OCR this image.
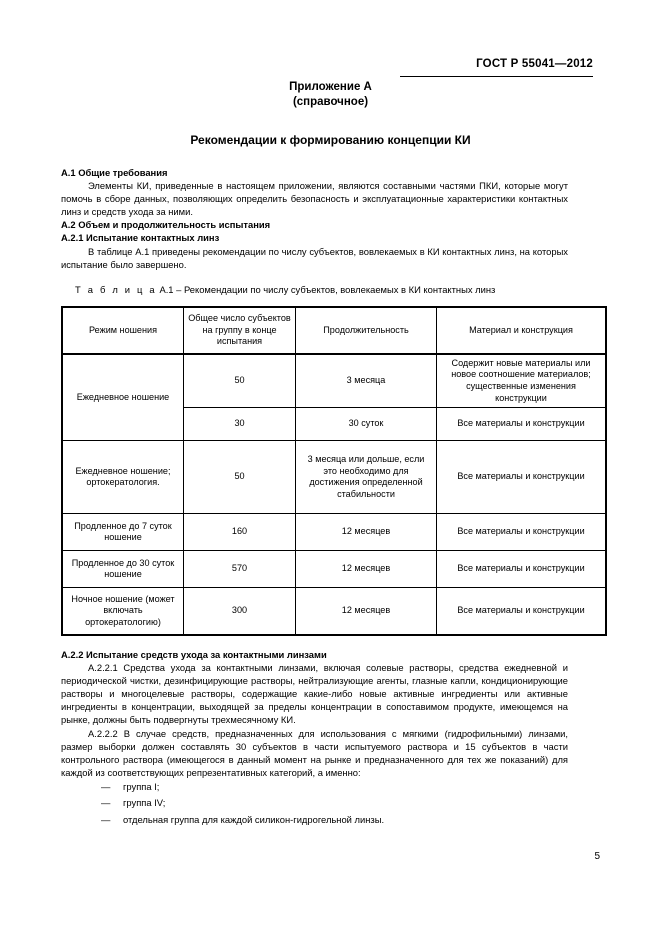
ГОСТ Р 55041—2012
Приложение А
(справочное)
Рекомендации к формированию концепции КИ
А.1 Общие требования

Элементы КИ, приведенные в настоящем приложении, являются составными частями ПКИ, которые могут помочь в сборе данных, позволяющих определить безопасность и эксплуатационные характеристики контактных линз и средств ухода за ними.

А.2 Объем и продолжительность испытания
А.2.1 Испытание контактных линз

В таблице А.1 приведены рекомендации по числу субъектов, вовлекаемых в КИ контактных линз, на которых испытание было завершено.

Т а б л и ц а А.1 – Рекомендации по числу субъектов, вовлекаемых в КИ контактных линз
Режим ношения	Общее число субъектов на группу в конце испытания	Продолжительность	Материал и конструкция
Ежедневное ношение	50	3 месяца	Содержит новые материалы или новое соотношение материалов; существенные изменения конструкции
	30	30 суток	Все материалы и конструкции
Ежедневное ношение; ортокератология.	50	3 месяца или дольше, если это необходимо для достижения определенной стабильности	Все материалы и конструкции
Продленное до 7 суток ношение	160	12 месяцев	Все материалы и конструкции
Продленное до 30 суток ношение	570	12 месяцев	Все материалы и конструкции
Ночное ношение (может включать ортокератологию)	300	12 месяцев	Все материалы и конструкции
А.2.2 Испытание средств ухода за контактными линзами

А.2.2.1 Средства ухода за контактными линзами, включая солевые растворы, средства ежедневной и периодической чистки, дезинфицирующие растворы, нейтрализующие агенты, глазные капли, кондиционирующие растворы и многоцелевые растворы, содержащие какие-либо новые активные ингредиенты или активные ингредиенты в концентрации, выходящей за пределы концентрации в сопоставимом продукте, имеющемся на рынке, должны быть подвергнуты трехмесячному КИ.

А.2.2.2 В случае средств, предназначенных для использования с мягкими (гидрофильными) линзами, размер выборки должен составлять 30 субъектов в части испытуемого раствора и 15 субъектов в части контрольного раствора (имеющегося в данный момент на рынке и предназначенного для тех же показаний) для каждой из соответствующих репрезентативных категорий, а именно:

— группа I;
— группа IV;
— отдельная группа для каждой силикон-гидрогельной линзы.
5
